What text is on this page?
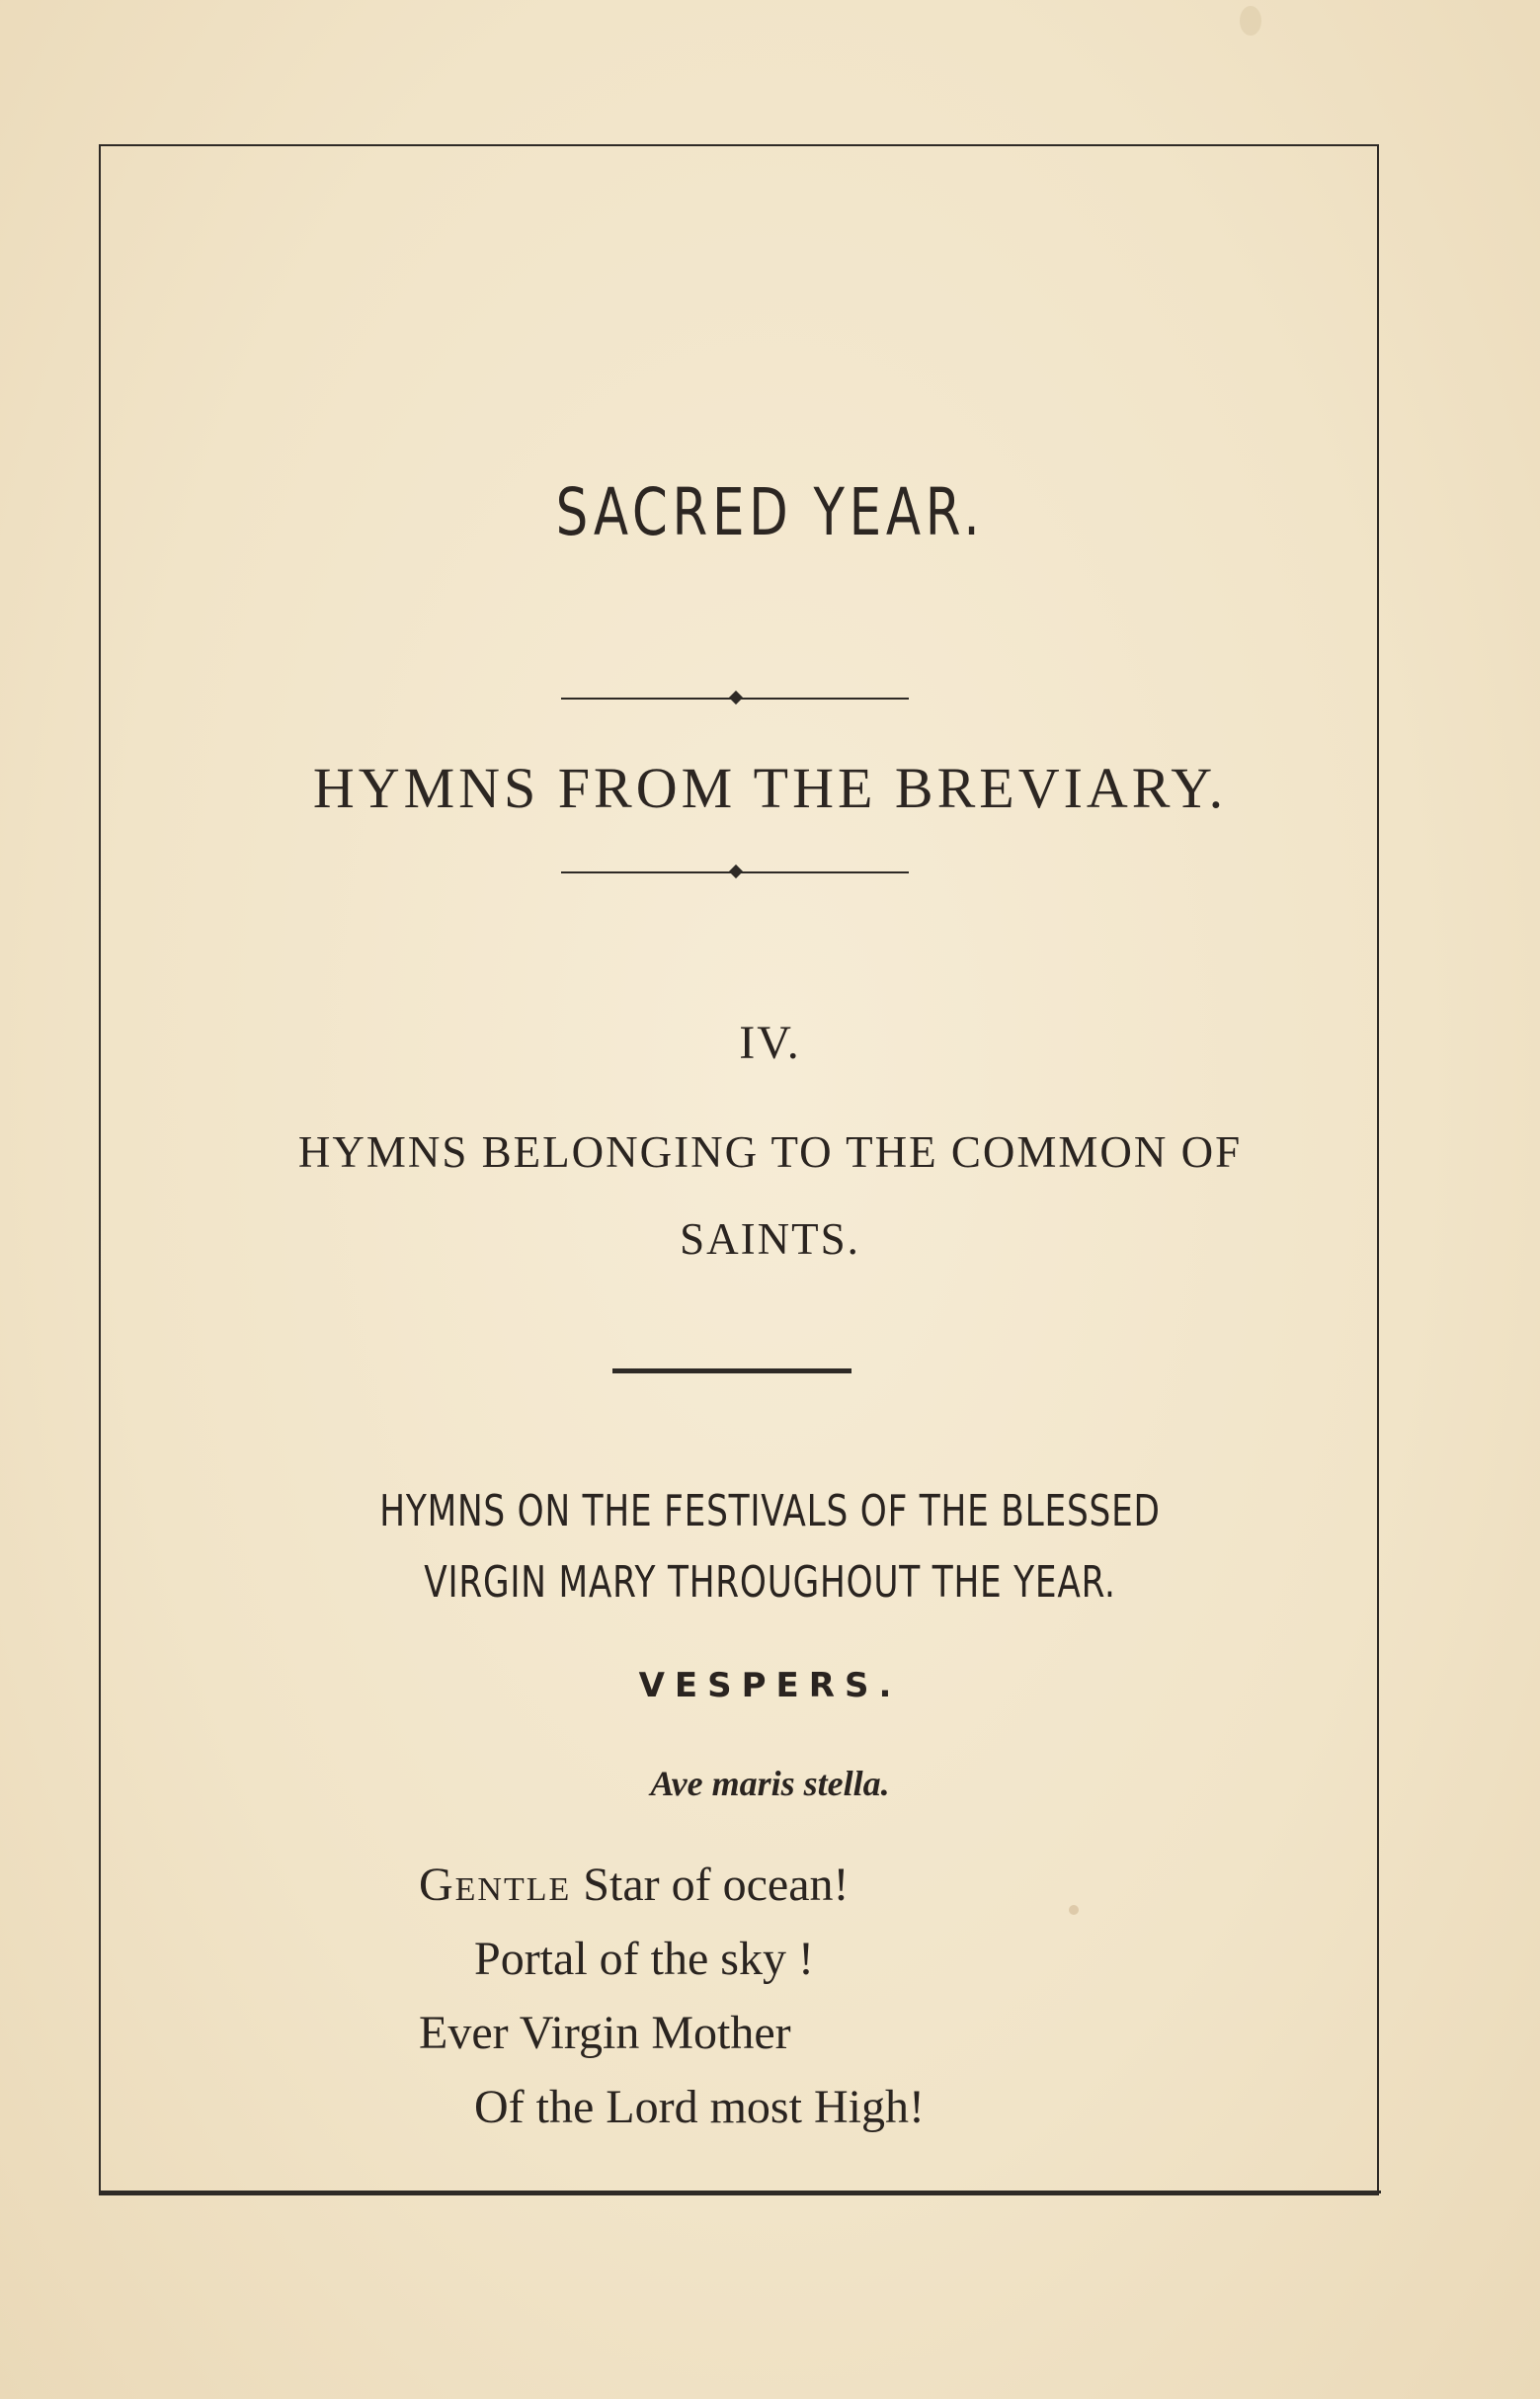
SACRED YEAR.
HYMNS FROM THE BREVIARY.
IV.
HYMNS BELONGING TO THE COMMON OF
SAINTS.
HYMNS ON THE FESTIVALS OF THE BLESSED
VIRGIN MARY THROUGHOUT THE YEAR.
VESPERS.
Ave maris stella.
Gentle Star of ocean!
Portal of the sky !
Ever Virgin Mother
Of the Lord most High!
